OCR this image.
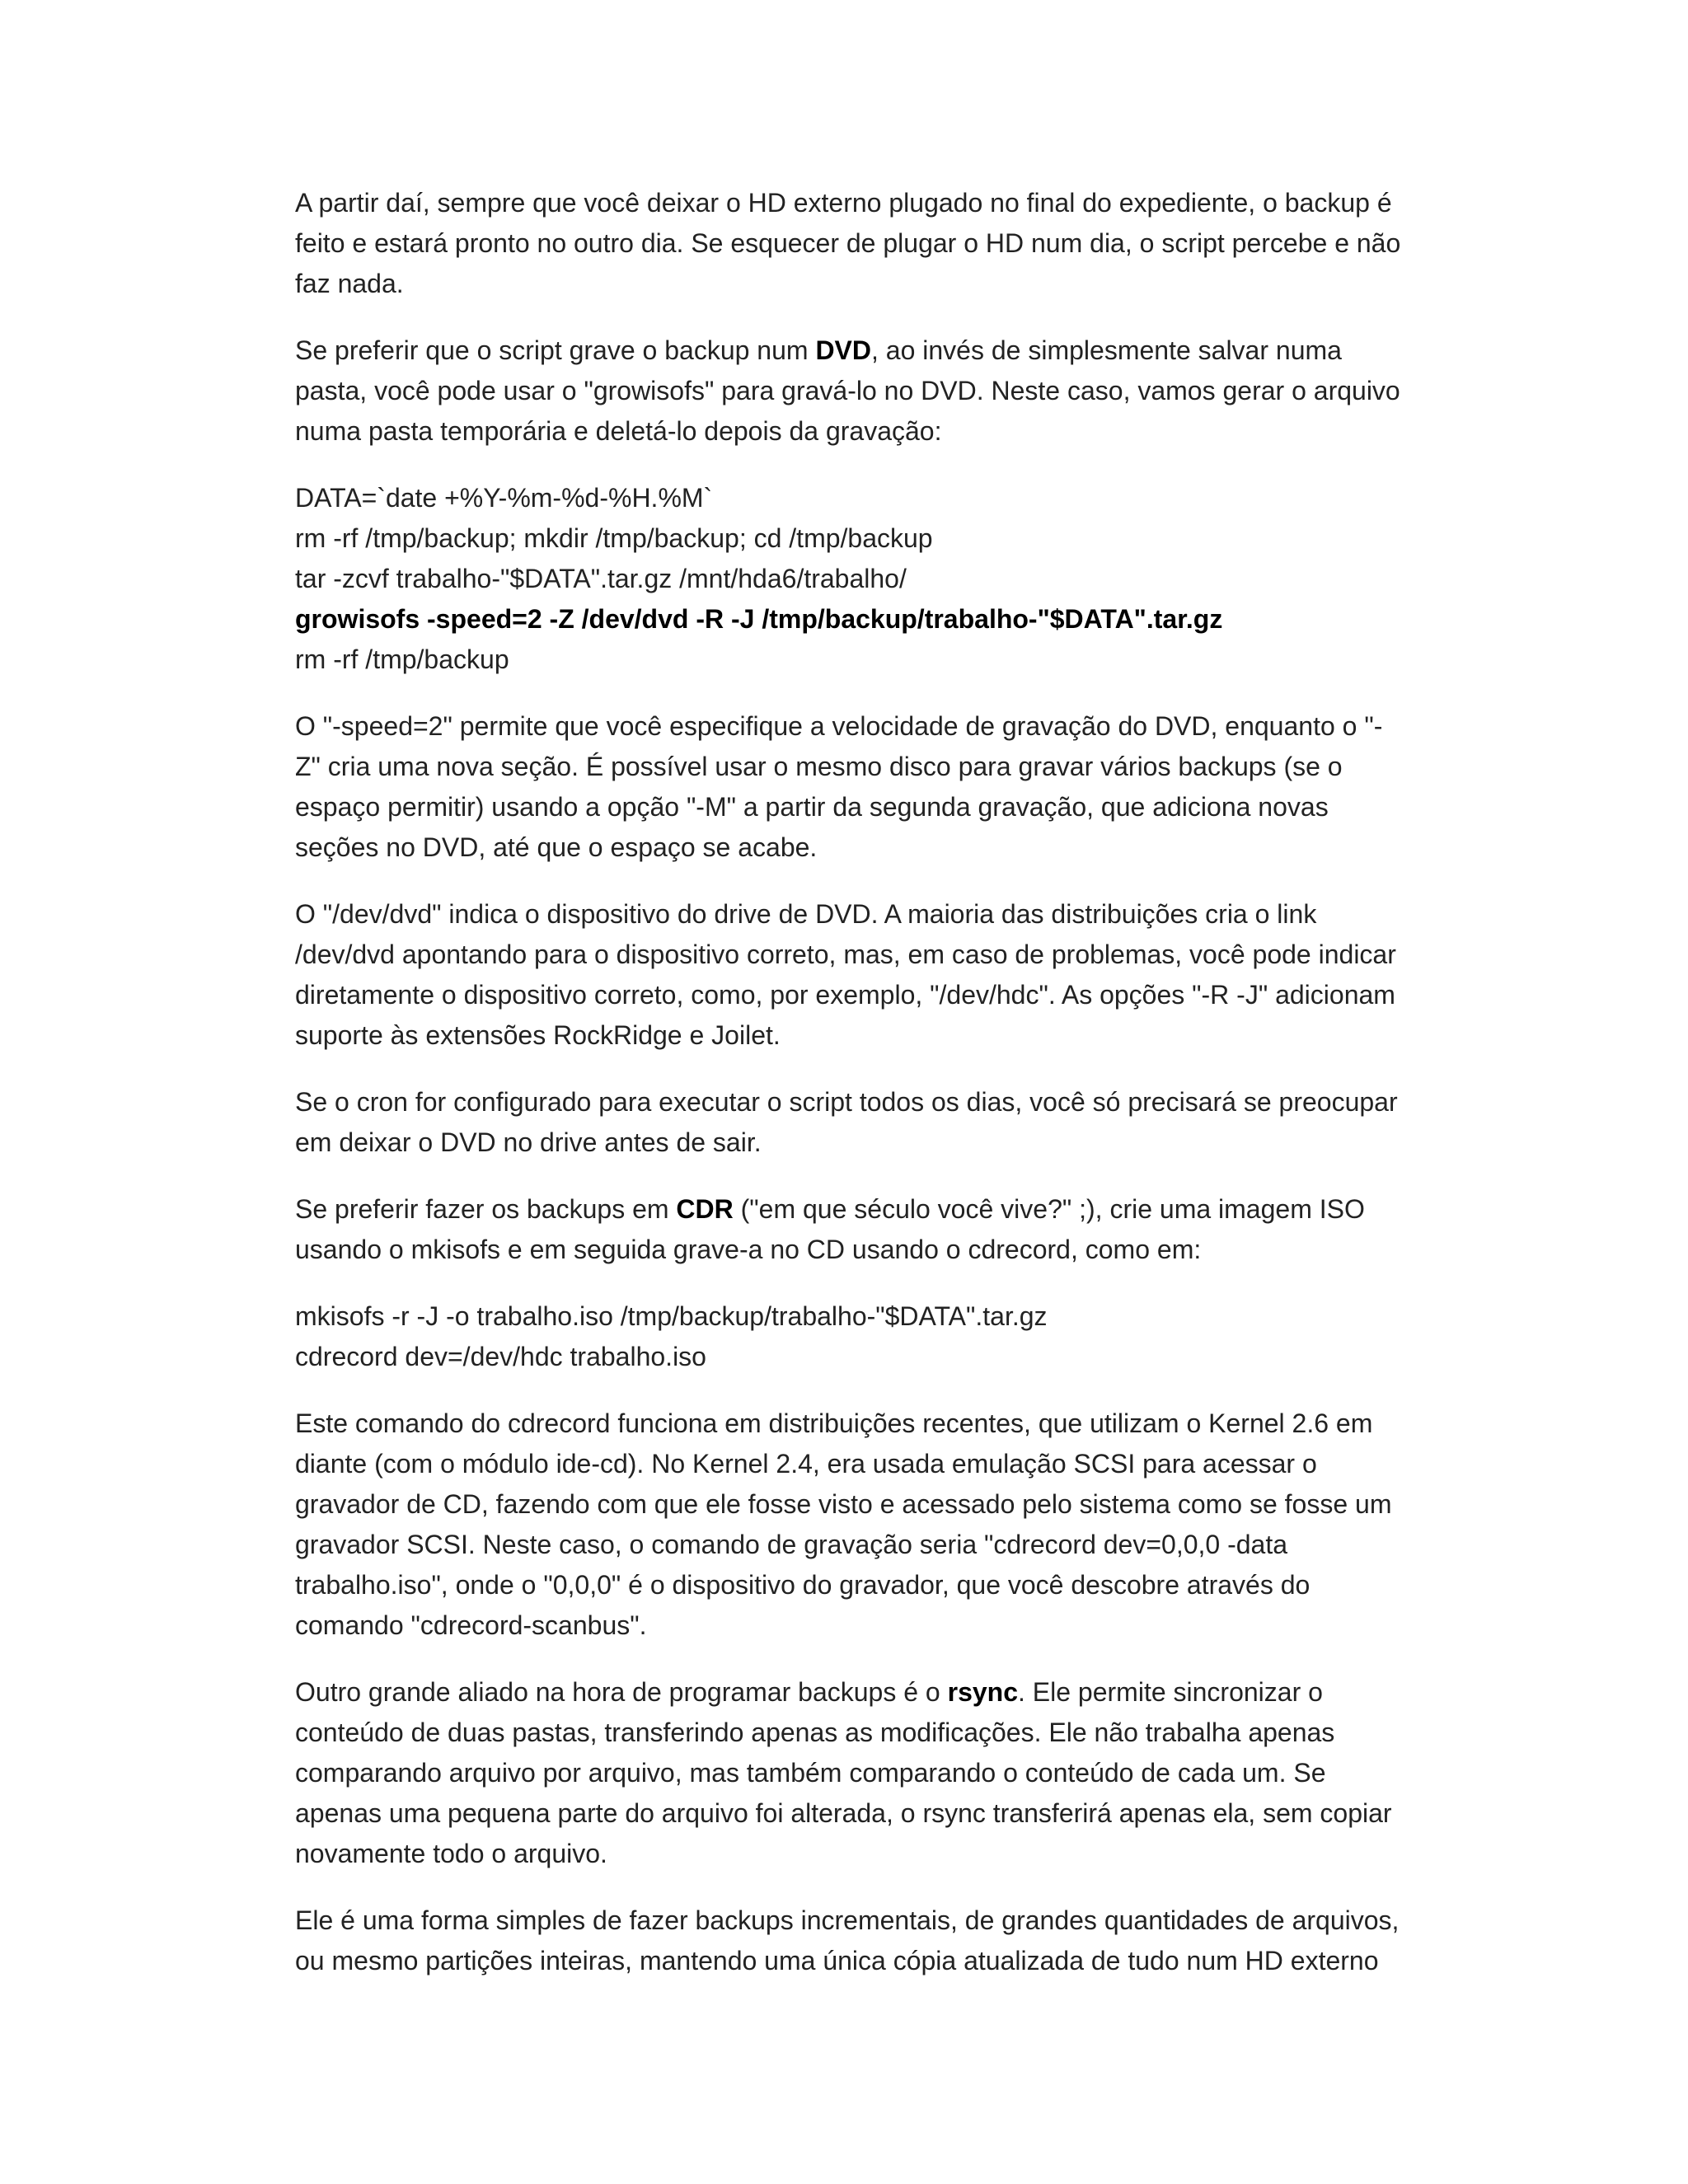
A partir daí, sempre que você deixar o HD externo plugado no final do expediente, o backup é feito e estará pronto no outro dia. Se esquecer de plugar o HD num dia, o script percebe e não faz nada.

Se preferir que o script grave o backup num DVD, ao invés de simplesmente salvar numa pasta, você pode usar o "growisofs" para gravá-lo no DVD. Neste caso, vamos gerar o arquivo numa pasta temporária e deletá-lo depois da gravação:

DATA=`date +%Y-%m-%d-%H.%M`
rm -rf /tmp/backup; mkdir /tmp/backup; cd /tmp/backup
tar -zcvf trabalho-"$DATA".tar.gz /mnt/hda6/trabalho/
growisofs -speed=2 -Z /dev/dvd -R -J /tmp/backup/trabalho-"$DATA".tar.gz
rm -rf /tmp/backup

O "-speed=2" permite que você especifique a velocidade de gravação do DVD, enquanto o "-Z" cria uma nova seção. É possível usar o mesmo disco para gravar vários backups (se o espaço permitir) usando a opção "-M" a partir da segunda gravação, que adiciona novas seções no DVD, até que o espaço se acabe.

O "/dev/dvd" indica o dispositivo do drive de DVD. A maioria das distribuições cria o link /dev/dvd apontando para o dispositivo correto, mas, em caso de problemas, você pode indicar diretamente o dispositivo correto, como, por exemplo, "/dev/hdc". As opções "-R -J" adicionam suporte às extensões RockRidge e Joilet.

Se o cron for configurado para executar o script todos os dias, você só precisará se preocupar em deixar o DVD no drive antes de sair.

Se preferir fazer os backups em CDR ("em que século você vive?" ;), crie uma imagem ISO usando o mkisofs e em seguida grave-a no CD usando o cdrecord, como em:

mkisofs -r -J -o trabalho.iso /tmp/backup/trabalho-"$DATA".tar.gz
cdrecord dev=/dev/hdc trabalho.iso

Este comando do cdrecord funciona em distribuições recentes, que utilizam o Kernel 2.6 em diante (com o módulo ide-cd). No Kernel 2.4, era usada emulação SCSI para acessar o gravador de CD, fazendo com que ele fosse visto e acessado pelo sistema como se fosse um gravador SCSI. Neste caso, o comando de gravação seria "cdrecord dev=0,0,0 -data trabalho.iso", onde o "0,0,0" é o dispositivo do gravador, que você descobre através do comando "cdrecord-scanbus".

Outro grande aliado na hora de programar backups é o rsync. Ele permite sincronizar o conteúdo de duas pastas, transferindo apenas as modificações. Ele não trabalha apenas comparando arquivo por arquivo, mas também comparando o conteúdo de cada um. Se apenas uma pequena parte do arquivo foi alterada, o rsync transferirá apenas ela, sem copiar novamente todo o arquivo.

Ele é uma forma simples de fazer backups incrementais, de grandes quantidades de arquivos, ou mesmo partições inteiras, mantendo uma única cópia atualizada de tudo num HD externo
